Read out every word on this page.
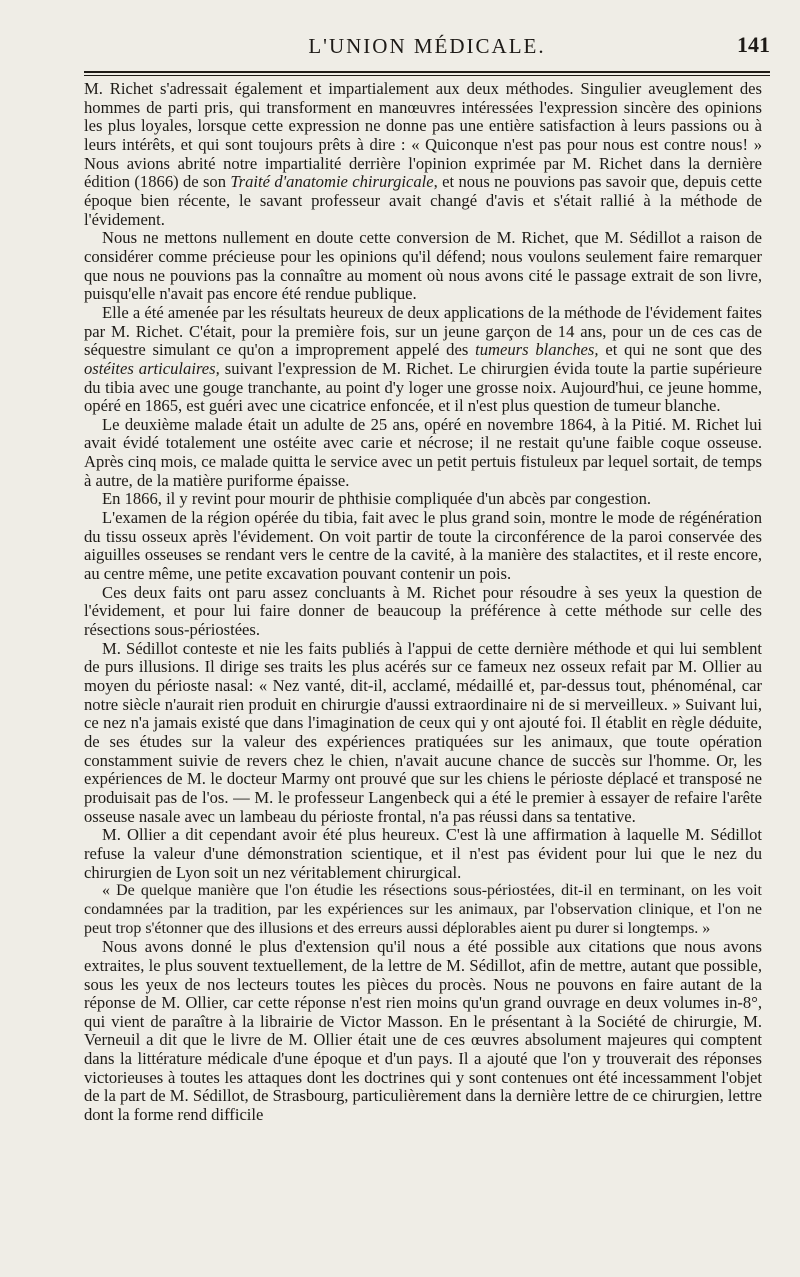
L'UNION MÉDICALE.	141

M. Richet s'adressait également et impartialement aux deux méthodes. Singulier aveuglement des hommes de parti pris, qui transforment en manœuvres intéressées l'expression sincère des opinions les plus loyales, lorsque cette expression ne donne pas une entière satisfaction à leurs passions ou à leurs intérêts, et qui sont toujours prêts à dire : « Quiconque n'est pas pour nous est contre nous! » Nous avions abrité notre impartialité derrière l'opinion exprimée par M. Richet dans la dernière édition (1866) de son Traité d'anatomie chirurgicale, et nous ne pouvions pas savoir que, depuis cette époque bien récente, le savant professeur avait changé d'avis et s'était rallié à la méthode de l'évidement.

Nous ne mettons nullement en doute cette conversion de M. Richet, que M. Sédillot a raison de considérer comme précieuse pour les opinions qu'il défend; nous voulons seulement faire remarquer que nous ne pouvions pas la connaître au moment où nous avons cité le passage extrait de son livre, puisqu'elle n'avait pas encore été rendue publique.

Elle a été amenée par les résultats heureux de deux applications de la méthode de l'évidement faites par M. Richet. C'était, pour la première fois, sur un jeune garçon de 14 ans, pour un de ces cas de séquestre simulant ce qu'on a improprement appelé des tumeurs blanches, et qui ne sont que des ostéites articulaires, suivant l'expression de M. Richet. Le chirurgien évida toute la partie supérieure du tibia avec une gouge tranchante, au point d'y loger une grosse noix. Aujourd'hui, ce jeune homme, opéré en 1865, est guéri avec une cicatrice enfoncée, et il n'est plus question de tumeur blanche.

Le deuxième malade était un adulte de 25 ans, opéré en novembre 1864, à la Pitié. M. Richet lui avait évidé totalement une ostéite avec carie et nécrose; il ne restait qu'une faible coque osseuse. Après cinq mois, ce malade quitta le service avec un petit pertuis fistuleux par lequel sortait, de temps à autre, de la matière puriforme épaisse.

En 1866, il y revint pour mourir de phthisie compliquée d'un abcès par congestion.

L'examen de la région opérée du tibia, fait avec le plus grand soin, montre le mode de régénération du tissu osseux après l'évidement. On voit partir de toute la circonférence de la paroi conservée des aiguilles osseuses se rendant vers le centre de la cavité, à la manière des stalactites, et il reste encore, au centre même, une petite excavation pouvant contenir un pois.

Ces deux faits ont paru assez concluants à M. Richet pour résoudre à ses yeux la question de l'évidement, et pour lui faire donner de beaucoup la préférence à cette méthode sur celle des résections sous-périostées.

M. Sédillot conteste et nie les faits publiés à l'appui de cette dernière méthode et qui lui semblent de purs illusions. Il dirige ses traits les plus acérés sur ce fameux nez osseux refait par M. Ollier au moyen du périoste nasal: « Nez vanté, dit-il, acclamé, médaillé et, par-dessus tout, phénoménal, car notre siècle n'aurait rien produit en chirurgie d'aussi extraordinaire ni de si merveilleux. » Suivant lui, ce nez n'a jamais existé que dans l'imagination de ceux qui y ont ajouté foi. Il établit en règle déduite, de ses études sur la valeur des expériences pratiquées sur les animaux, que toute opération constamment suivie de revers chez le chien, n'avait aucune chance de succès sur l'homme. Or, les expériences de M. le docteur Marmy ont prouvé que sur les chiens le périoste déplacé et transposé ne produisait pas de l'os. — M. le professeur Langenbeck qui a été le premier à essayer de refaire l'arête osseuse nasale avec un lambeau du périoste frontal, n'a pas réussi dans sa tentative.

M. Ollier a dit cependant avoir été plus heureux. C'est là une affirmation à laquelle M. Sédillot refuse la valeur d'une démonstration scientique, et il n'est pas évident pour lui que le nez du chirurgien de Lyon soit un nez véritablement chirurgical.

« De quelque manière que l'on étudie les résections sous-périostées, dit-il en terminant, on les voit condamnées par la tradition, par les expériences sur les animaux, par l'observation clinique, et l'on ne peut trop s'étonner que des illusions et des erreurs aussi déplorables aient pu durer si longtemps. »

Nous avons donné le plus d'extension qu'il nous a été possible aux citations que nous avons extraites, le plus souvent textuellement, de la lettre de M. Sédillot, afin de mettre, autant que possible, sous les yeux de nos lecteurs toutes les pièces du procès. Nous ne pouvons en faire autant de la réponse de M. Ollier, car cette réponse n'est rien moins qu'un grand ouvrage en deux volumes in-8°, qui vient de paraître à la librairie de Victor Masson. En le présentant à la Société de chirurgie, M. Verneuil a dit que le livre de M. Ollier était une de ces œuvres absolument majeures qui comptent dans la littérature médicale d'une époque et d'un pays. Il a ajouté que l'on y trouverait des réponses victorieuses à toutes les attaques dont les doctrines qui y sont contenues ont été incessamment l'objet de la part de M. Sédillot, de Strasbourg, particulièrement dans la dernière lettre de ce chirurgien, lettre dont la forme rend difficile
